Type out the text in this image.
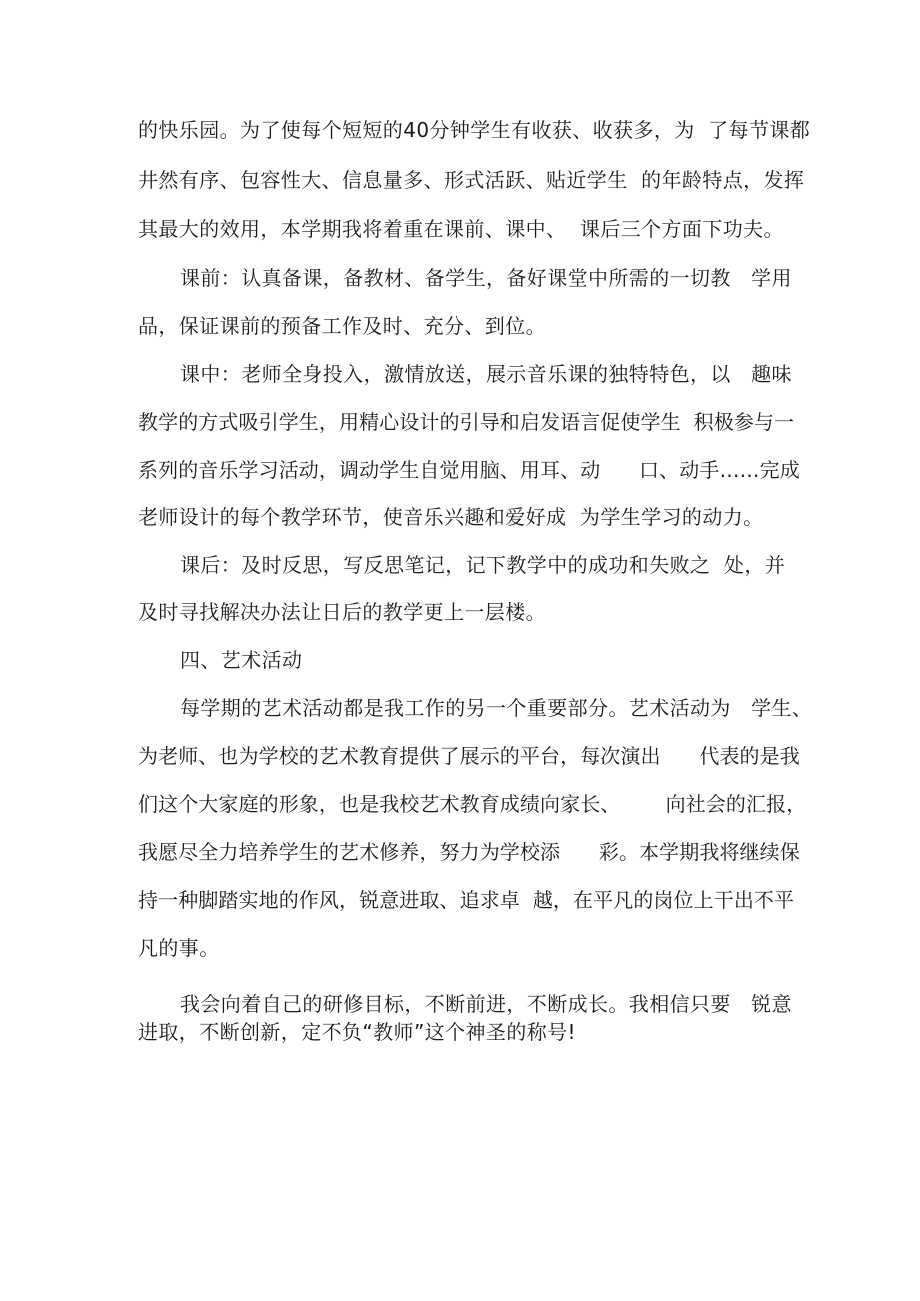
的快乐园。为了使每个短短的40分钟学生有收获、收获多，为  了每节课都
井然有序、包容性大、信息量多、形式活跃、贴近学生  的年龄特点，发挥
其最大的效用，本学期我将着重在课前、课中、  课后三个方面下功夫。
课前：认真备课，备教材、备学生，备好课堂中所需的一切教   学用
品，保证课前的预备工作及时、充分、到位。
课中：老师全身投入，激情放送，展示音乐课的独特特色，以   趣味
教学的方式吸引学生，用精心设计的引导和启发语言促使学生  积极参与一
系列的音乐学习活动，调动学生自觉用脑、用耳、动      口、动手……完成
老师设计的每个教学环节，使音乐兴趣和爱好成  为学生学习的动力。
课后：及时反思，写反思笔记，记下教学中的成功和失败之  处，并
及时寻找解决办法让日后的教学更上一层楼。
四、艺术活动
每学期的艺术活动都是我工作的另一个重要部分。艺术活动为   学生、
为老师、也为学校的艺术教育提供了展示的平台，每次演出      代表的是我
们这个大家庭的形象，也是我校艺术教育成绩向家长、       向社会的汇报，
我愿尽全力培养学生的艺术修养，努力为学校添      彩。本学期我将继续保
持一种脚踏实地的作风，锐意进取、追求卓  越，在平凡的岗位上干出不平
凡的事。
我会向着自己的研修目标，不断前进，不断成长。我相信只要   锐意
进取，不断创新，定不负“教师”这个神圣的称号!
